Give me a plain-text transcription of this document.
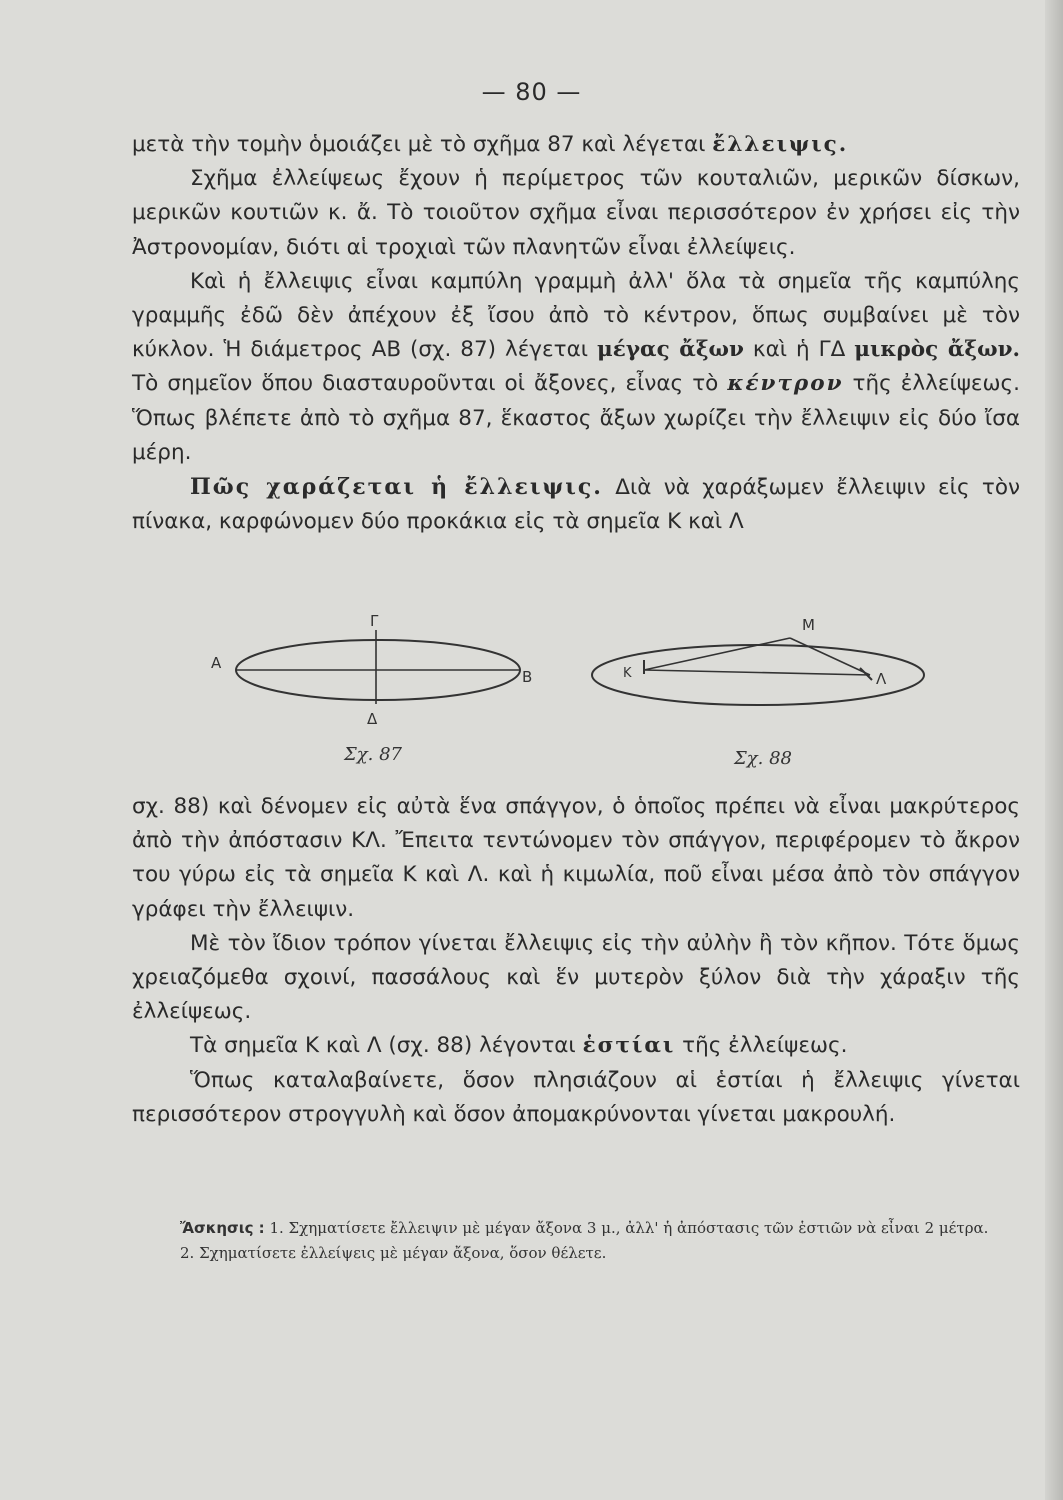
— 80 —

μετὰ τὴν τομὴν ὁμοιάζει μὲ τὸ σχῆμα 87 καὶ λέγεται ἔλλειψις.

Σχῆμα ἐλλείψεως ἔχουν ἡ περίμετρος τῶν κουταλιῶν, μερικῶν δίσκων, μερικῶν κουτιῶν κ. ἄ. Τὸ τοιοῦτον σχῆμα εἶναι περισσότερον ἐν χρήσει εἰς τὴν Ἀστρονομίαν, διότι αἱ τροχιαὶ τῶν πλανητῶν εἶναι ἐλλείψεις.

Καὶ ἡ ἔλλειψις εἶναι καμπύλη γραμμὴ ἀλλ' ὅλα τὰ σημεῖα τῆς καμπύλης γραμμῆς ἐδῶ δὲν ἀπέχουν ἐξ ἴσου ἀπὸ τὸ κέντρον, ὅπως συμβαίνει μὲ τὸν κύκλον. Ἡ διάμετρος ΑΒ (σχ. 87) λέγεται μέγας ἄξων καὶ ἡ ΓΔ μικρὸς ἄξων. Τὸ σημεῖον ὅπου διασταυροῦνται οἱ ἄξονες, εἶνας τὸ κέντρον τῆς ἐλλείψεως. Ὅπως βλέπετε ἀπὸ τὸ σχῆμα 87, ἕκαστος ἄξων χωρίζει τὴν ἔλλειψιν εἰς δύο ἴσα μέρη.

Πῶς χαράζεται ἡ ἔλλειψις. Διὰ νὰ χαράξωμεν ἔλλειψιν εἰς τὸν πίνακα, καρφώνομεν δύο προκάκια εἰς τὰ σημεῖα Κ καὶ Λ

Α
Β
Γ
Δ
Σχ. 87
Κ	Λ
Μ
Σχ. 88

σχ. 88) καὶ δένομεν εἰς αὐτὰ ἕνα σπάγγον, ὁ ὁποῖος πρέπει νὰ εἶναι μακρύτερος ἀπὸ τὴν ἀπόστασιν ΚΛ. Ἔπειτα τεντώνομεν τὸν σπάγγον, περιφέρομεν τὸ ἄκρον του γύρω εἰς τὰ σημεῖα Κ καὶ Λ. καὶ ἡ κιμωλία, ποῦ εἶναι μέσα ἀπὸ τὸν σπάγγον γράφει τὴν ἔλλειψιν.

Μὲ τὸν ἴδιον τρόπον γίνεται ἔλλειψις εἰς τὴν αὐλὴν ἢ τὸν κῆπον. Τότε ὅμως χρειαζόμεθα σχοινί, πασσάλους καὶ ἕν μυτερὸν ξύλον διὰ τὴν χάραξιν τῆς ἐλλείψεως.

Τὰ σημεῖα Κ καὶ Λ (σχ. 88) λέγονται ἑστίαι τῆς ἐλλείψεως.

Ὅπως καταλαβαίνετε, ὅσον πλησιάζουν αἱ ἑστίαι ἡ ἔλλειψις γίνεται περισσότερον στρογγυλὴ καὶ ὅσον ἀπομακρύνονται γίνεται μακρουλή.

Ἄσκησις : 1. Σχηματίσετε ἔλλειψιν μὲ μέγαν ἄξονα 3 μ., ἀλλ' ἡ ἀπόστασις τῶν ἑστιῶν νὰ εἶναι 2 μέτρα.

2. Σχηματίσετε ἐλλείψεις μὲ μέγαν ἄξονα, ὅσον θέλετε.
